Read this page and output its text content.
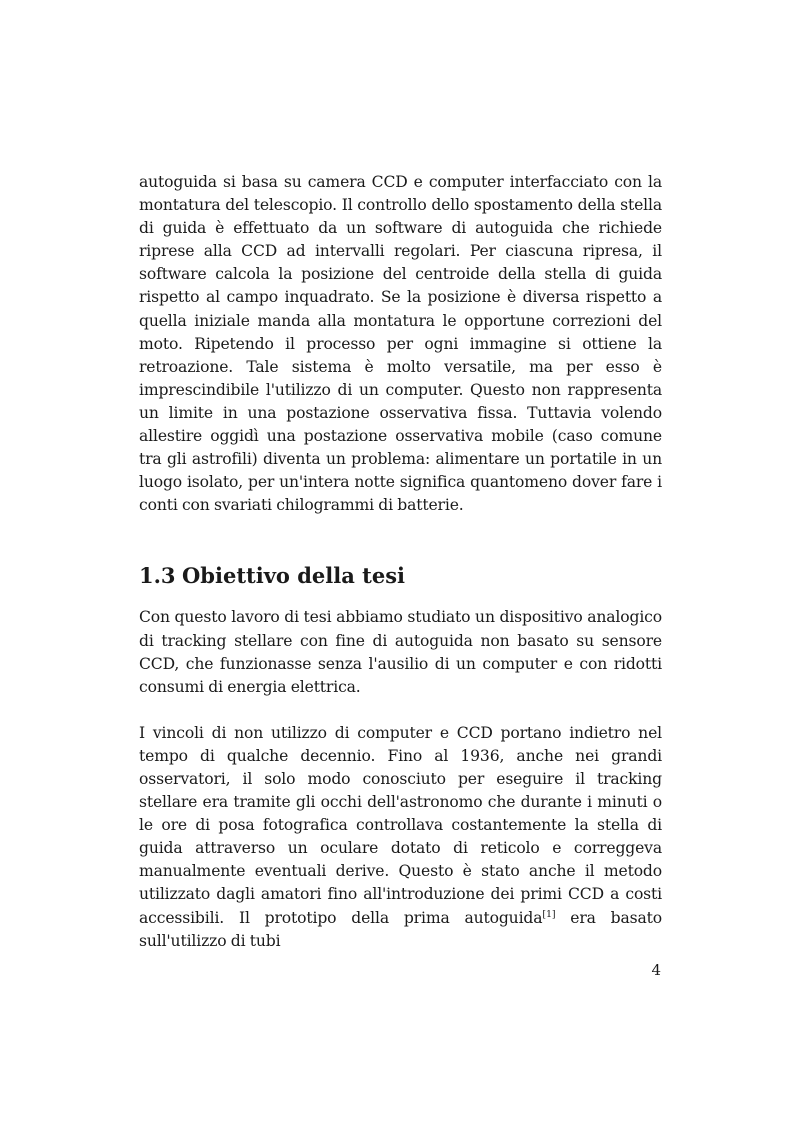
autoguida si basa su camera CCD e computer interfacciato con la montatura del telescopio. Il controllo dello spostamento della stella di guida è effettuato da un software di autoguida che richiede riprese alla CCD ad intervalli regolari. Per ciascuna ripresa, il software calcola la posizione del centroide della stella di guida rispetto al campo inquadrato. Se la posizione è diversa rispetto a quella iniziale manda alla montatura le opportune correzioni del moto. Ripetendo il processo per ogni immagine si ottiene la retroazione. Tale sistema è molto versatile, ma per esso è imprescindibile l'utilizzo di un computer. Questo non rappresenta un limite in una postazione osservativa fissa. Tuttavia volendo allestire oggidì una postazione osservativa mobile (caso comune tra gli astrofili) diventa un problema: alimentare un portatile in un luogo isolato, per un'intera notte significa quantomeno dover fare i conti con svariati chilogrammi di batterie.

1.3 Obiettivo della tesi

Con questo lavoro di tesi abbiamo studiato un dispositivo analogico di tracking stellare con fine di autoguida non basato su sensore CCD, che funzionasse senza l'ausilio di un computer e con ridotti consumi di energia elettrica.

I vincoli di non utilizzo di computer e CCD portano indietro nel tempo di qualche decennio. Fino al 1936, anche nei grandi osservatori, il solo modo conosciuto per eseguire il tracking stellare era tramite gli occhi dell'astronomo che durante i minuti o le ore di posa fotografica controllava costantemente la stella di guida attraverso un oculare dotato di reticolo e correggeva manualmente eventuali derive. Questo è stato anche il metodo utilizzato dagli amatori fino all'introduzione dei primi CCD a costi accessibili. Il prototipo della prima autoguida[1] era basato sull'utilizzo di tubi

4
